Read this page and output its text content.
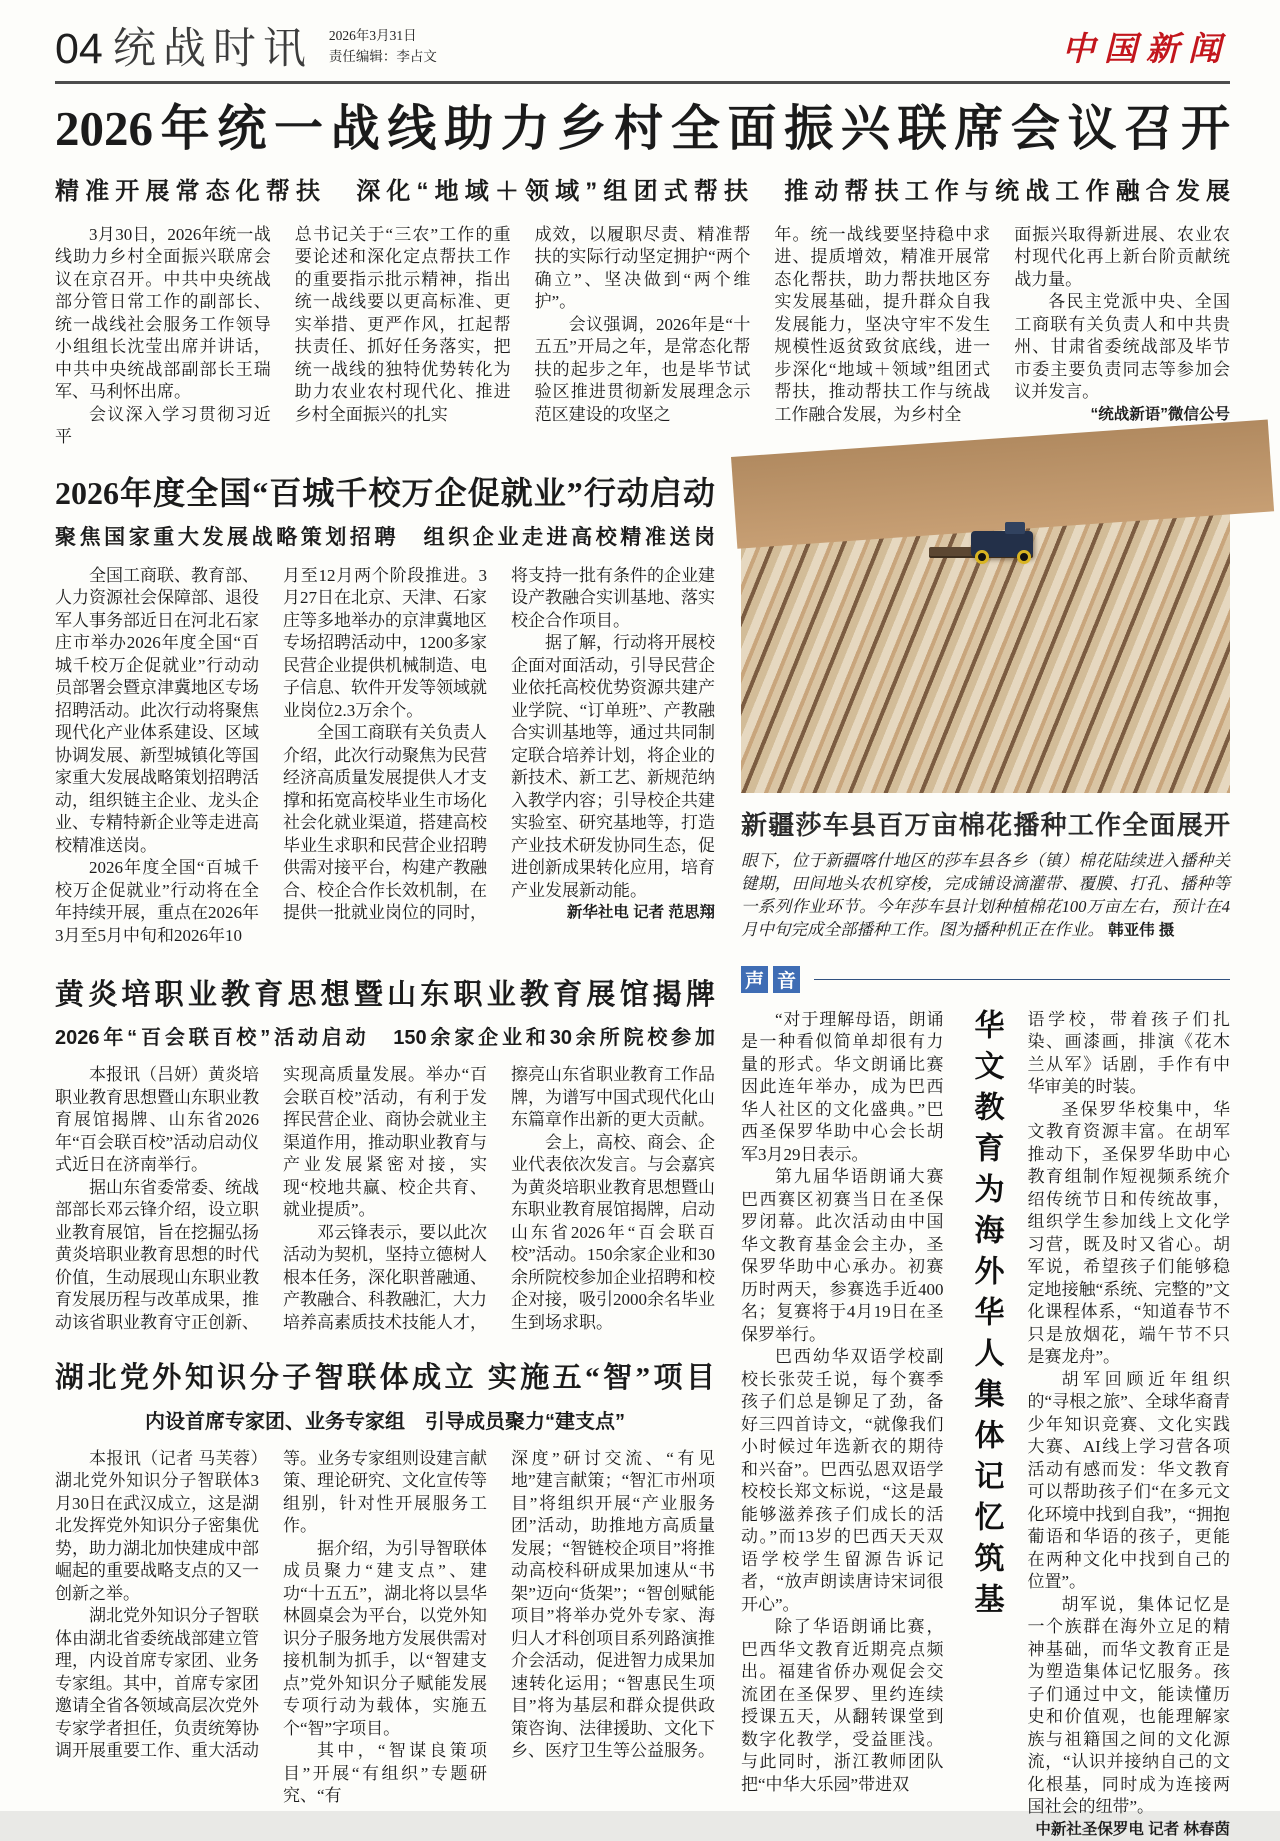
04 统战时讯 2026年3月31日
责任编辑：李占文	中国新闻
2026年统一战线助力乡村全面振兴联席会议召开
精准开展常态化帮扶　深化“地域＋领域”组团式帮扶　推动帮扶工作与统战工作融合发展

3月30日，2026年统一战线助力乡村全面振兴联席会议在京召开。中共中央统战部分管日常工作的副部长、统一战线社会服务工作领导小组组长沈莹出席并讲话，中共中央统战部副部长王瑞军、马利怀出席。

会议深入学习贯彻习近平

总书记关于“三农”工作的重要论述和深化定点帮扶工作的重要指示批示精神，指出统一战线要以更高标准、更实举措、更严作风，扛起帮扶责任、抓好任务落实，把统一战线的独特优势转化为助力农业农村现代化、推进乡村全面振兴的扎实

成效，以履职尽责、精准帮扶的实际行动坚定拥护“两个确立”、坚决做到“两个维护”。

会议强调，2026年是“十五五”开局之年，是常态化帮扶的起步之年，也是毕节试验区推进贯彻新发展理念示范区建设的攻坚之

年。统一战线要坚持稳中求进、提质增效，精准开展常态化帮扶，助力帮扶地区夯实发展基础，提升群众自我发展能力，坚决守牢不发生规模性返贫致贫底线，进一步深化“地域＋领域”组团式帮扶，推动帮扶工作与统战工作融合发展，为乡村全

面振兴取得新进展、农业农村现代化再上新台阶贡献统战力量。

各民主党派中央、全国工商联有关负责人和中共贵州、甘肃省委统战部及毕节市委主要负责同志等参加会议并发言。

“统战新语”微信公号

2026年度全国“百城千校万企促就业”行动启动
聚焦国家重大发展战略策划招聘　组织企业走进高校精准送岗

全国工商联、教育部、人力资源社会保障部、退役军人事务部近日在河北石家庄市举办2026年度全国“百城千校万企促就业”行动动员部署会暨京津冀地区专场招聘活动。此次行动将聚焦现代化产业体系建设、区域协调发展、新型城镇化等国家重大发展战略策划招聘活动，组织链主企业、龙头企业、专精特新企业等走进高校精准送岗。

2026年度全国“百城千校万企促就业”行动将在全年持续开展，重点在2026年3月至5月中旬和2026年10

月至12月两个阶段推进。3月27日在北京、天津、石家庄等多地举办的京津冀地区专场招聘活动中，1200多家民营企业提供机械制造、电子信息、软件开发等领域就业岗位2.3万余个。

全国工商联有关负责人介绍，此次行动聚焦为民营经济高质量发展提供人才支撑和拓宽高校毕业生市场化社会化就业渠道，搭建高校毕业生求职和民营企业招聘供需对接平台，构建产教融合、校企合作长效机制，在提供一批就业岗位的同时，

将支持一批有条件的企业建设产教融合实训基地、落实校企合作项目。

据了解，行动将开展校企面对面活动，引导民营企业依托高校优势资源共建产业学院、“订单班”、产教融合实训基地等，通过共同制定联合培养计划，将企业的新技术、新工艺、新规范纳入教学内容；引导校企共建实验室、研究基地等，打造产业技术研发协同生态，促进创新成果转化应用，培育产业发展新动能。

新华社电 记者 范思翔

黄炎培职业教育思想暨山东职业教育展馆揭牌
2026年“百会联百校”活动启动　150余家企业和30余所院校参加

本报讯（吕妍）黄炎培职业教育思想暨山东职业教育展馆揭牌、山东省2026年“百会联百校”活动启动仪式近日在济南举行。

据山东省委常委、统战部部长邓云锋介绍，设立职业教育展馆，旨在挖掘弘扬黄炎培职业教育思想的时代价值，生动展现山东职业教育发展历程与改革成果，推动该省职业教育守正创新、

实现高质量发展。举办“百会联百校”活动，有利于发挥民营企业、商协会就业主渠道作用，推动职业教育与产业发展紧密对接，实现“校地共赢、校企共育、就业提质”。

邓云锋表示，要以此次活动为契机，坚持立德树人根本任务，深化职普融通、产教融合、科教融汇，大力培养高素质技术技能人才，

擦亮山东省职业教育工作品牌，为谱写中国式现代化山东篇章作出新的更大贡献。

会上，高校、商会、企业代表依次发言。与会嘉宾为黄炎培职业教育思想暨山东职业教育展馆揭牌，启动山东省2026年“百会联百校”活动。150余家企业和30余所院校参加企业招聘和校企对接，吸引2000余名毕业生到场求职。

湖北党外知识分子智联体成立 实施五“智”项目
内设首席专家团、业务专家组　引导成员聚力“建支点”

本报讯（记者 马芙蓉）湖北党外知识分子智联体3月30日在武汉成立，这是湖北发挥党外知识分子密集优势，助力湖北加快建成中部崛起的重要战略支点的又一创新之举。

湖北党外知识分子智联体由湖北省委统战部建立管理，内设首席专家团、业务专家组。其中，首席专家团邀请全省各领域高层次党外专家学者担任，负责统筹协调开展重要工作、重大活动

等。业务专家组则设建言献策、理论研究、文化宣传等组别，针对性开展服务工作。

据介绍，为引导智联体成员聚力“建支点”、建功“十五五”，湖北将以昙华林圆桌会为平台，以党外知识分子服务地方发展供需对接机制为抓手，以“智建支点”党外知识分子赋能发展专项行动为载体，实施五个“智”字项目。

其中，“智谋良策项目”开展“有组织”专题研究、“有

深度”研讨交流、“有见地”建言献策；“智汇市州项目”将组织开展“产业服务团”活动，助推地方高质量发展；“智链校企项目”将推动高校科研成果加速从“书架”迈向“货架”；“智创赋能项目”将举办党外专家、海归人才科创项目系列路演推介会活动，促进智力成果加速转化运用；“智惠民生项目”将为基层和群众提供政策咨询、法律援助、文化下乡、医疗卫生等公益服务。

新疆莎车县百万亩棉花播种工作全面展开

眼下，位于新疆喀什地区的莎车县各乡（镇）棉花陆续进入播种关键期，田间地头农机穿梭，完成铺设滴灌带、覆膜、打孔、播种等一系列作业环节。今年莎车县计划种植棉花100万亩左右，预计在4月中旬完成全部播种工作。图为播种机正在作业。 韩亚伟 摄

声 音

“对于理解母语，朗诵是一种看似简单却很有力量的形式。华文朗诵比赛因此连年举办，成为巴西华人社区的文化盛典。”巴西圣保罗华助中心会长胡军3月29日表示。

第九届华语朗诵大赛巴西赛区初赛当日在圣保罗闭幕。此次活动由中国华文教育基金会主办，圣保罗华助中心承办。初赛历时两天，参赛选手近400名；复赛将于4月19日在圣保罗举行。

巴西幼华双语学校副校长张荧壬说，每个赛季孩子们总是铆足了劲，备好三四首诗文，“就像我们小时候过年选新衣的期待和兴奋”。巴西弘恩双语学校校长郑文标说，“这是最能够滋养孩子们成长的活动。”而13岁的巴西天天双语学校学生留源告诉记者，“放声朗读唐诗宋词很开心”。

除了华语朗诵比赛，巴西华文教育近期亮点频出。福建省侨办观促会交流团在圣保罗、里约连续授课五天，从翻转课堂到数字化教学，受益匪浅。与此同时，浙江教师团队把“中华大乐园”带进双

华文教育为海外华人集体记忆筑基	语学校，带着孩子们扎染、画漆画，排演《花木兰从军》话剧，手作有中华审美的时装。

圣保罗华校集中，华文教育资源丰富。在胡军推动下，圣保罗华助中心教育组制作短视频系统介绍传统节日和传统故事，组织学生参加线上文化学习营，既及时又省心。胡军说，希望孩子们能够稳定地接触“系统、完整的”文化课程体系，“知道春节不只是放烟花，端午节不只是赛龙舟”。

胡军回顾近年组织的“寻根之旅”、全球华裔青少年知识竞赛、文化实践大赛、AI线上学习营各项活动有感而发：华文教育可以帮助孩子们“在多元文化环境中找到自我”，“拥抱葡语和华语的孩子，更能在两种文化中找到自己的位置”。

胡军说，集体记忆是一个族群在海外立足的精神基础，而华文教育正是为塑造集体记忆服务。孩子们通过中文，能读懂历史和价值观，也能理解家族与祖籍国之间的文化源流，“认识并接纳自己的文化根基，同时成为连接两国社会的纽带”。

中新社圣保罗电 记者 林春茵
